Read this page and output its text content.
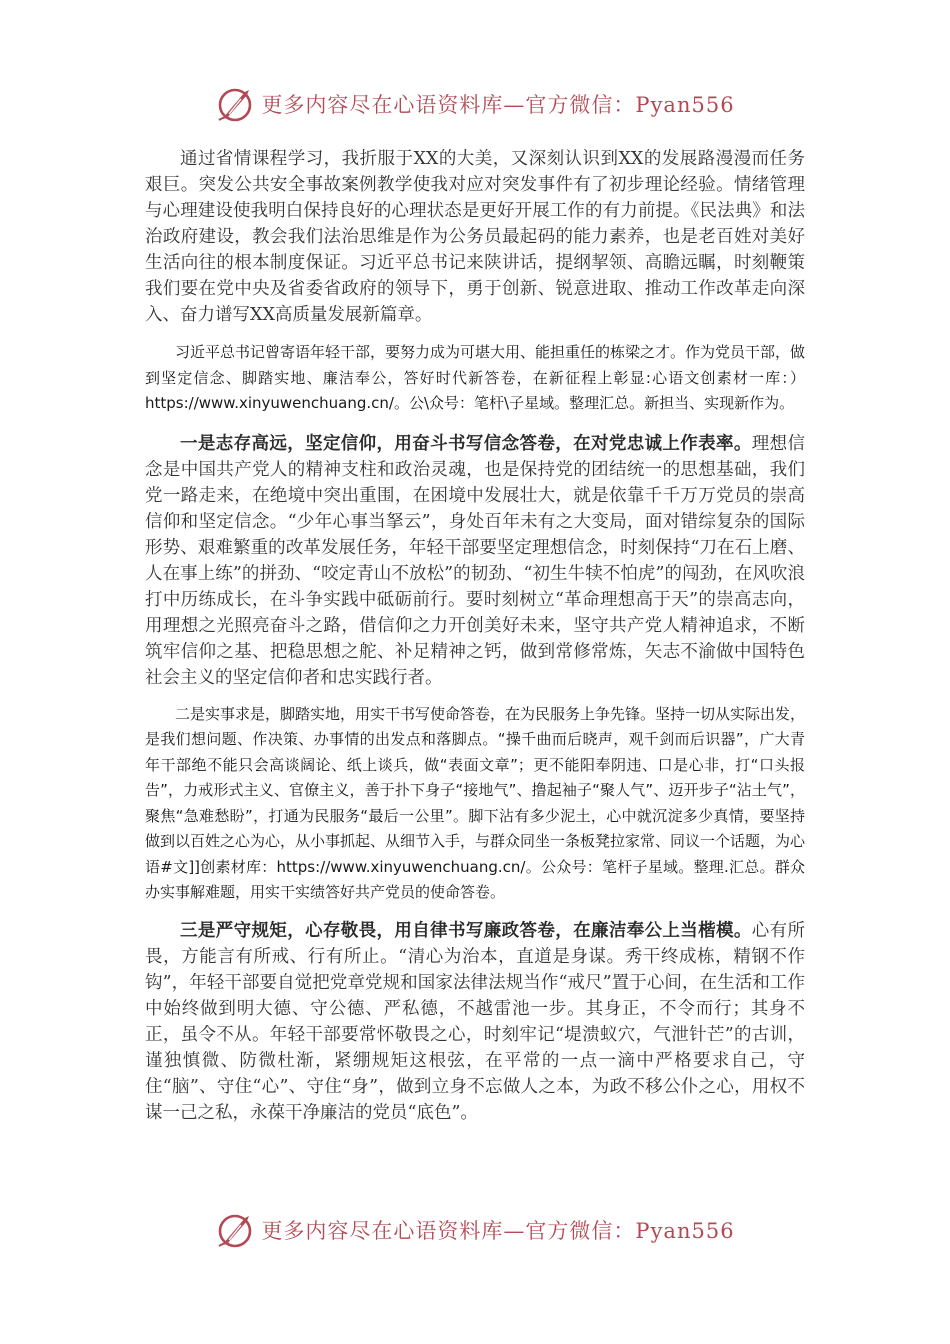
更多内容尽在心语资料库—官方微信：Pyan556

通过省情课程学习，我折服于XX的大美，又深刻认识到XX的发展路漫漫而任务艰巨。突发公共安全事故案例教学使我对应对突发事件有了初步理论经验。情绪管理与心理建设使我明白保持良好的心理状态是更好开展工作的有力前提。《民法典》和法治政府建设，教会我们法治思维是作为公务员最起码的能力素养，也是老百姓对美好生活向往的根本制度保证。习近平总书记来陕讲话，提纲挈领、高瞻远瞩，时刻鞭策我们要在党中央及省委省政府的领导下，勇于创新、锐意进取、推动工作改革走向深入、奋力谱写XX高质量发展新篇章。

习近平总书记曾寄语年轻干部，要努力成为可堪大用、能担重任的栋梁之才。作为党员干部，做到坚定信念、脚踏实地、廉洁奉公，答好时代新答卷，在新征程上彰显:心语文创素材一库：）https://www.xinyuwenchuang.cn/。公\众号：笔杆\子星域。整理汇总。新担当、实现新作为。

一是志存高远，坚定信仰，用奋斗书写信念答卷，在对党忠诚上作表率。理想信念是中国共产党人的精神支柱和政治灵魂，也是保持党的团结统一的思想基础，我们党一路走来，在绝境中突出重围，在困境中发展壮大，就是依靠千千万万党员的崇高信仰和坚定信念。“少年心事当拏云”，身处百年未有之大变局，面对错综复杂的国际形势、艰难繁重的改革发展任务，年轻干部要坚定理想信念，时刻保持“刀在石上磨、人在事上练”的拼劲、“咬定青山不放松”的韧劲、“初生牛犊不怕虎”的闯劲，在风吹浪打中历练成长，在斗争实践中砥砺前行。要时刻树立“革命理想高于天”的崇高志向，用理想之光照亮奋斗之路，借信仰之力开创美好未来，坚守共产党人精神追求，不断筑牢信仰之基、把稳思想之舵、补足精神之钙，做到常修常炼，矢志不渝做中国特色社会主义的坚定信仰者和忠实践行者。

二是实事求是，脚踏实地，用实干书写使命答卷，在为民服务上争先锋。坚持一切从实际出发，是我们想问题、作决策、办事情的出发点和落脚点。“操千曲而后晓声，观千剑而后识器”，广大青年干部绝不能只会高谈阔论、纸上谈兵，做“表面文章”；更不能阳奉阴违、口是心非，打“口头报告”，力戒形式主义、官僚主义，善于扑下身子“接地气”、撸起袖子“聚人气”、迈开步子“沾土气”，聚焦“急难愁盼”，打通为民服务“最后一公里”。脚下沾有多少泥土，心中就沉淀多少真情，要坚持做到以百姓之心为心，从小事抓起、从细节入手，与群众同坐一条板凳拉家常、同议一个话题，为心语#文]]创素材库：https://www.xinyuwenchuang.cn/。公众号：笔杆子星域。整理.汇总。群众办实事解难题，用实干实绩答好共产党员的使命答卷。

三是严守规矩，心存敬畏，用自律书写廉政答卷，在廉洁奉公上当楷模。心有所畏，方能言有所戒、行有所止。“清心为治本，直道是身谋。秀干终成栋，精钢不作钩”，年轻干部要自觉把党章党规和国家法律法规当作“戒尺”置于心间，在生活和工作中始终做到明大德、守公德、严私德，不越雷池一步。其身正，不令而行；其身不正，虽令不从。年轻干部要常怀敬畏之心，时刻牢记“堤溃蚁穴，气泄针芒”的古训，谨独慎微、防微杜渐，紧绷规矩这根弦，在平常的一点一滴中严格要求自己，守住“脑”、守住“心”、守住“身”，做到立身不忘做人之本，为政不移公仆之心，用权不谋一己之私，永葆干净廉洁的党员“底色”。

更多内容尽在心语资料库—官方微信：Pyan556
